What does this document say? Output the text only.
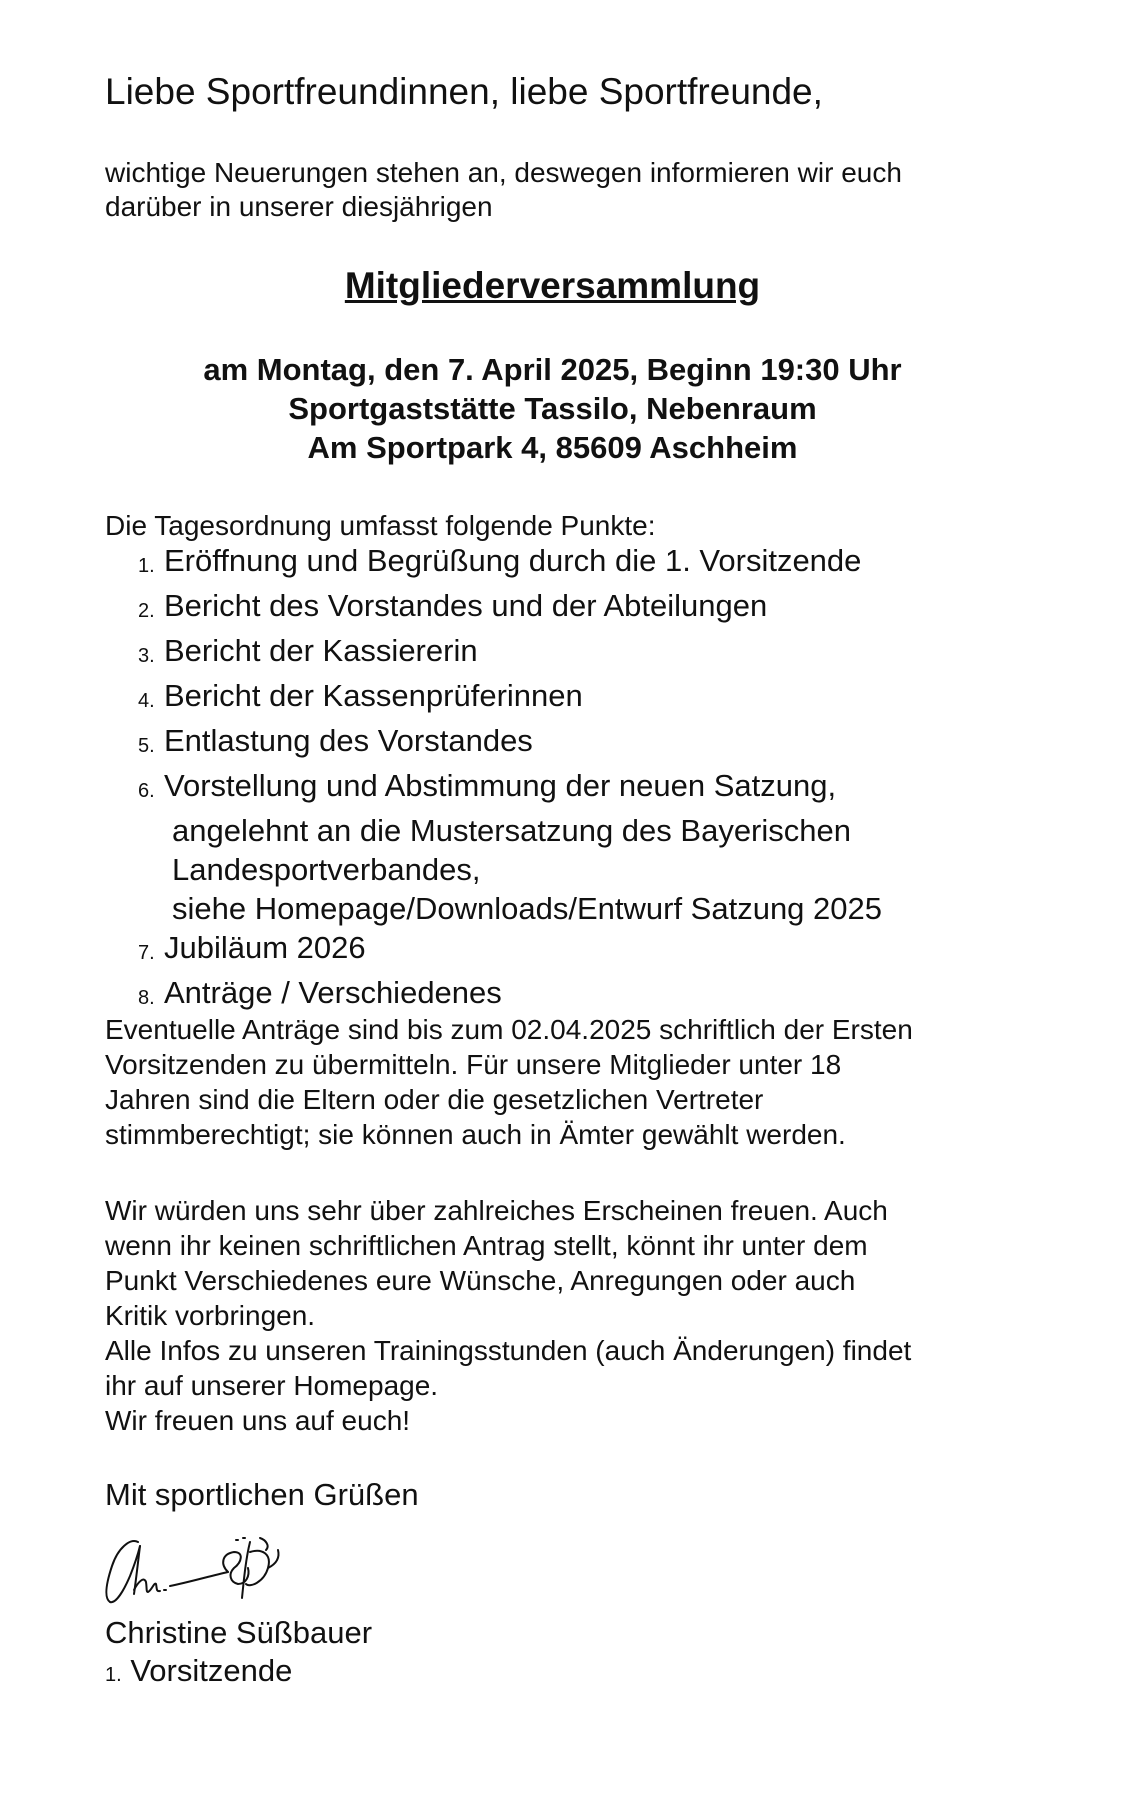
Liebe Sportfreundinnen, liebe Sportfreunde,

wichtige Neuerungen stehen an, deswegen informieren wir euch
darüber in unserer diesjährigen
Mitgliederversammlung
am Montag, den 7. April 2025, Beginn 19:30 Uhr
Sportgaststätte Tassilo, Nebenraum
Am Sportpark 4, 85609 Aschheim

Die Tagesordnung umfasst folgende Punkte:

1. Eröffnung und Begrüßung durch die 1. Vorsitzende
2. Bericht des Vorstandes und der Abteilungen
3. Bericht der Kassiererin
4. Bericht der Kassenprüferinnen
5. Entlastung des Vorstandes
6. Vorstellung und Abstimmung der neuen Satzung,
angelehnt an die Mustersatzung des Bayerischen
Landesportverbandes,
siehe Homepage/Downloads/Entwurf Satzung 2025
7. Jubiläum 2026
8. Anträge / Verschiedenes
Eventuelle Anträge sind bis zum 02.04.2025 schriftlich der Ersten
Vorsitzenden zu übermitteln. Für unsere Mitglieder unter 18
Jahren sind die Eltern oder die gesetzlichen Vertreter
stimmberechtigt; sie können auch in Ämter gewählt werden.
Wir würden uns sehr über zahlreiches Erscheinen freuen. Auch
wenn ihr keinen schriftlichen Antrag stellt, könnt ihr unter dem
Punkt Verschiedenes eure Wünsche, Anregungen oder auch
Kritik vorbringen.
Alle Infos zu unseren Trainingsstunden (auch Änderungen) findet
ihr auf unserer Homepage.
Wir freuen uns auf euch!

Mit sportlichen Grüßen

Christine Süßbauer

1. Vorsitzende
